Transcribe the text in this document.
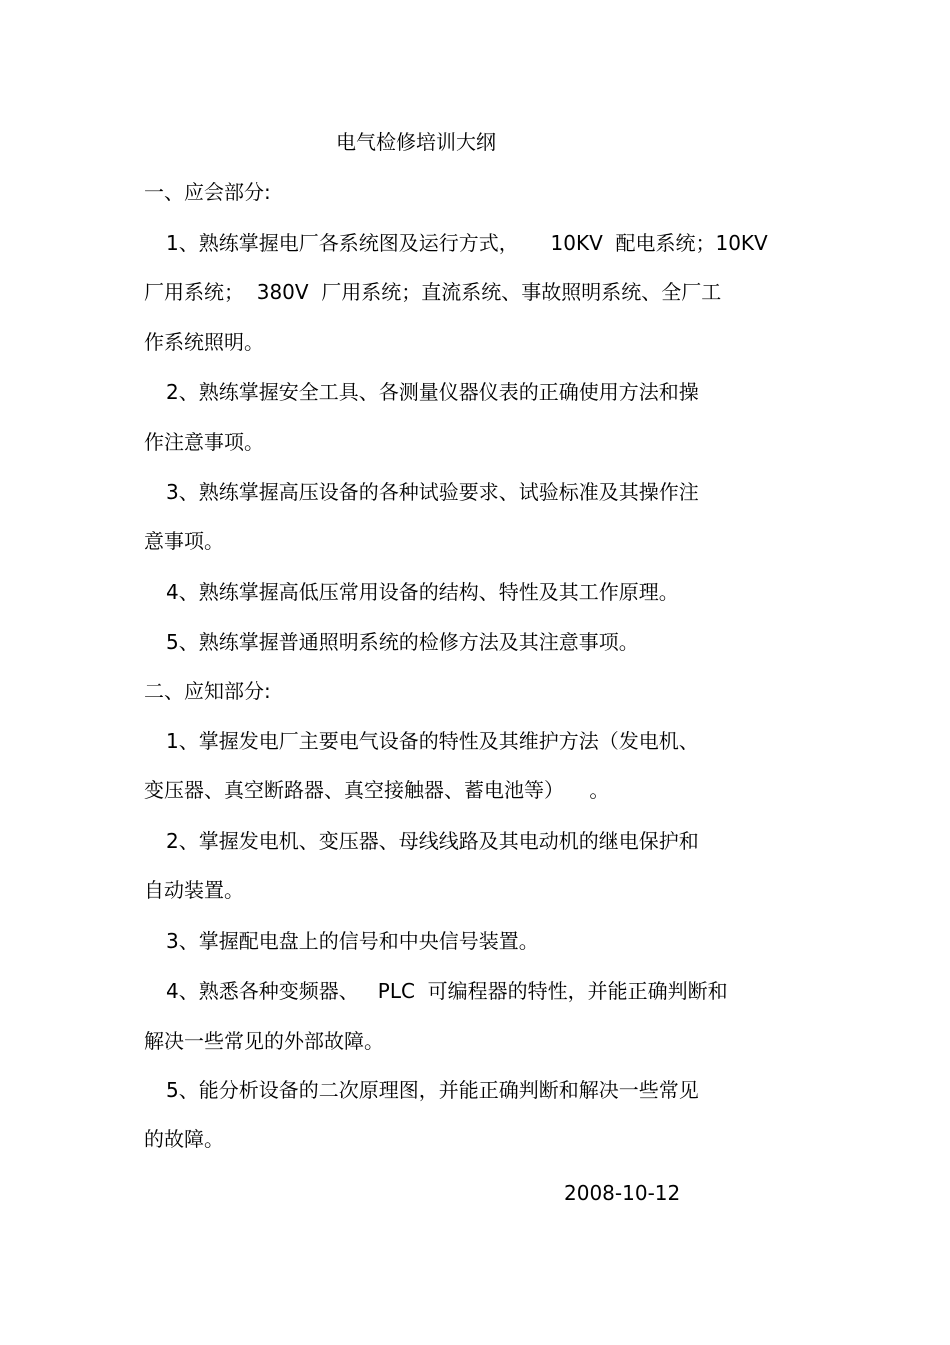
电气检修培训大纲

一、应会部分:

1、熟练掌握电厂各系统图及运行方式，     10KV  配电系统；10KV

厂用系统；  380V  厂用系统；直流系统、事故照明系统、全厂工

作系统照明。

2、熟练掌握安全工具、各测量仪器仪表的正确使用方法和操

作注意事项。

3、熟练掌握高压设备的各种试验要求、试验标准及其操作注

意事项。

4、熟练掌握高低压常用设备的结构、特性及其工作原理。

5、熟练掌握普通照明系统的检修方法及其注意事项。

二、应知部分:

1、掌握发电厂主要电气设备的特性及其维护方法（发电机、

变压器、真空断路器、真空接触器、蓄电池等）    。

2、掌握发电机、变压器、母线线路及其电动机的继电保护和

自动装置。

3、掌握配电盘上的信号和中央信号装置。

4、熟悉各种变频器、   PLC  可编程器的特性，并能正确判断和

解决一些常见的外部故障。

5、能分析设备的二次原理图，并能正确判断和解决一些常见

的故障。

2008-10-12
